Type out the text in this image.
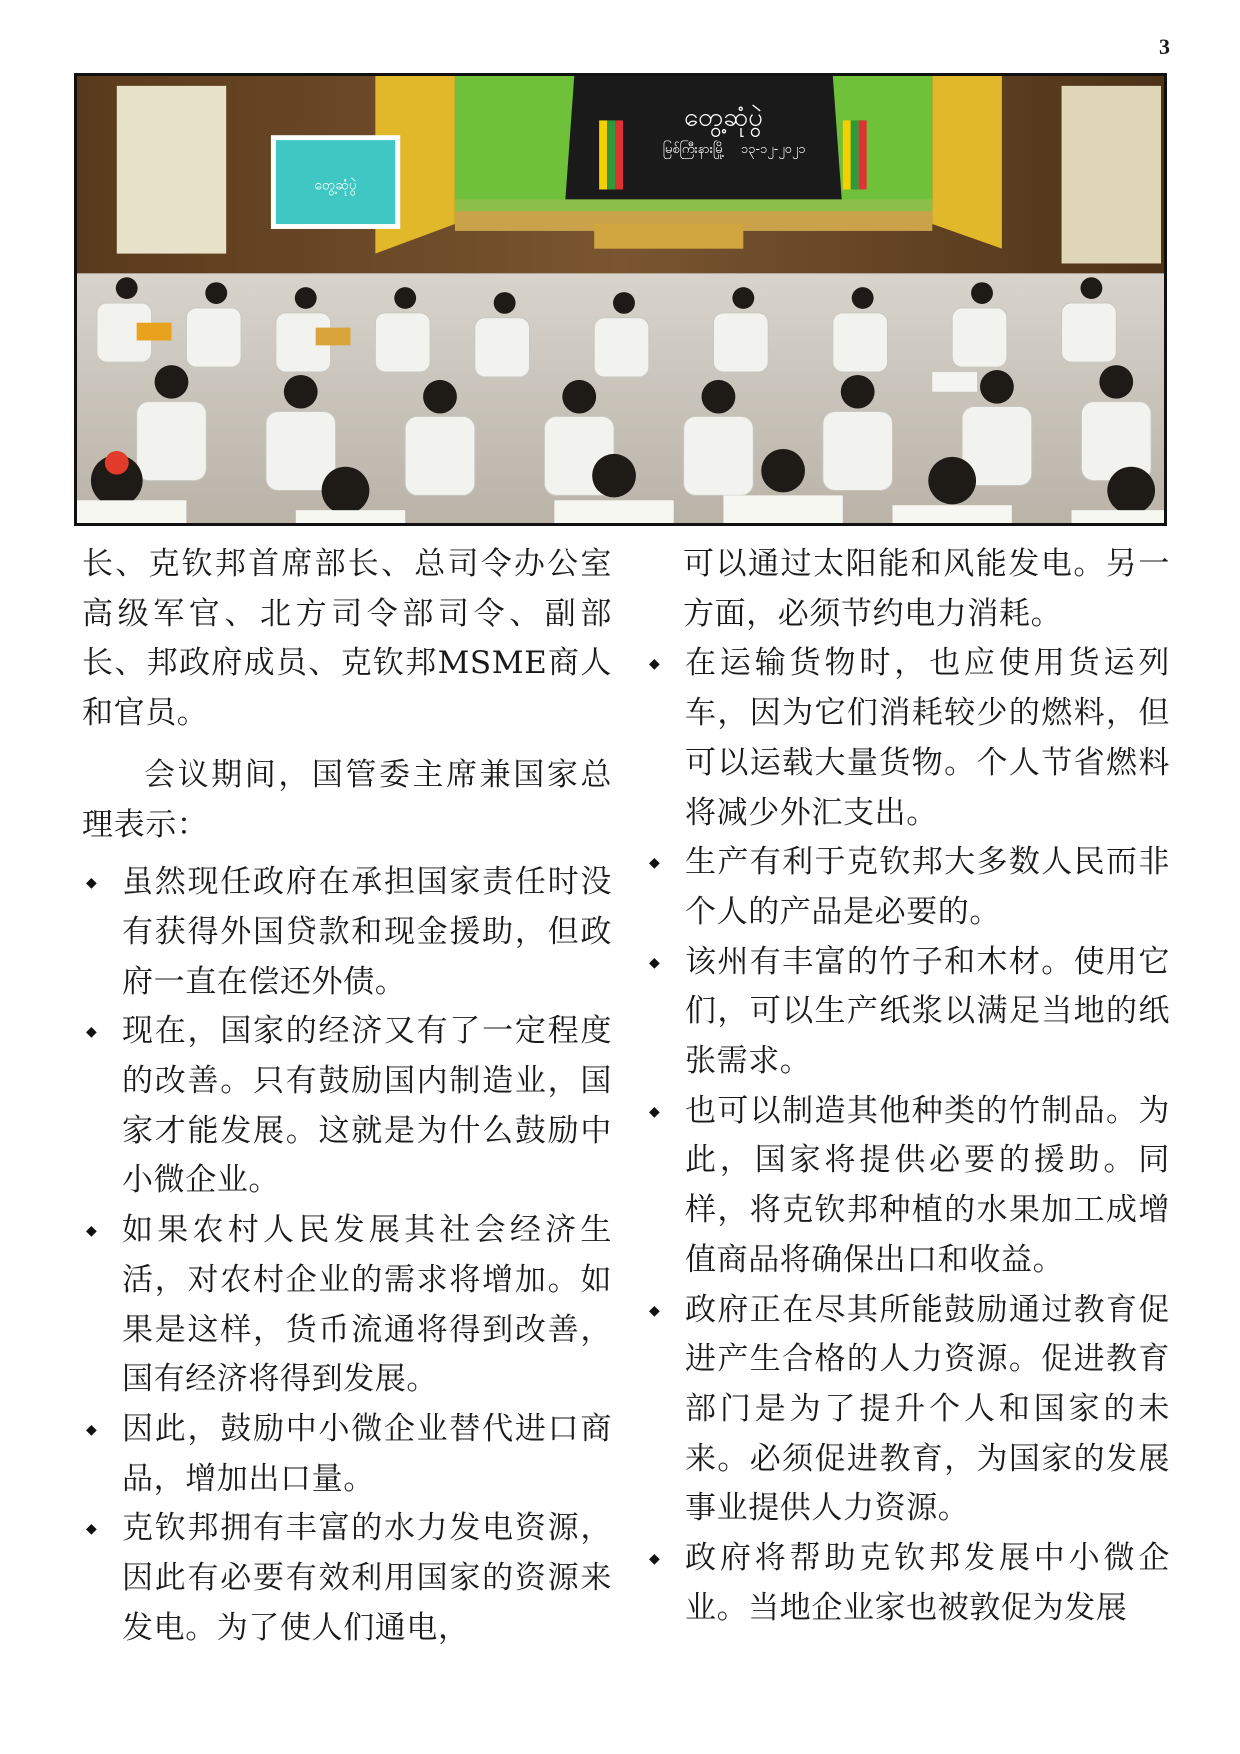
3
တွေ့ဆုံပွဲ
မြစ်ကြီးနားမြို့ ၁၃-၁၂-၂၀၂၁
တွေ့ဆုံပွဲ

长、克钦邦首席部长、总司令办公室高级军官、北方司令部司令、副部长、邦政府成员、克钦邦MSME商人和官员。

会议期间，国管委主席兼国家总理表示：

◆ 虽然现任政府在承担国家责任时没有获得外国贷款和现金援助，但政府一直在偿还外债。
◆ 现在，国家的经济又有了一定程度的改善。只有鼓励国内制造业，国家才能发展。这就是为什么鼓励中小微企业。
◆ 如果农村人民发展其社会经济生活，对农村企业的需求将增加。如果是这样，货币流通将得到改善，国有经济将得到发展。
◆ 因此，鼓励中小微企业替代进口商品，增加出口量。
◆ 克钦邦拥有丰富的水力发电资源，因此有必要有效利用国家的资源来发电。为了使人们通电，
可以通过太阳能和风能发电。另一方面，必须节约电力消耗。
◆ 在运输货物时，也应使用货运列车，因为它们消耗较少的燃料，但可以运载大量货物。个人节省燃料将减少外汇支出。
◆ 生产有利于克钦邦大多数人民而非个人的产品是必要的。
◆ 该州有丰富的竹子和木材。使用它们，可以生产纸浆以满足当地的纸张需求。
◆ 也可以制造其他种类的竹制品。为此，国家将提供必要的援助。同样，将克钦邦种植的水果加工成增值商品将确保出口和收益。
◆ 政府正在尽其所能鼓励通过教育促进产生合格的人力资源。促进教育部门是为了提升个人和国家的未来。必须促进教育，为国家的发展事业提供人力资源。
◆ 政府将帮助克钦邦发展中小微企业。当地企业家也被敦促为发展
